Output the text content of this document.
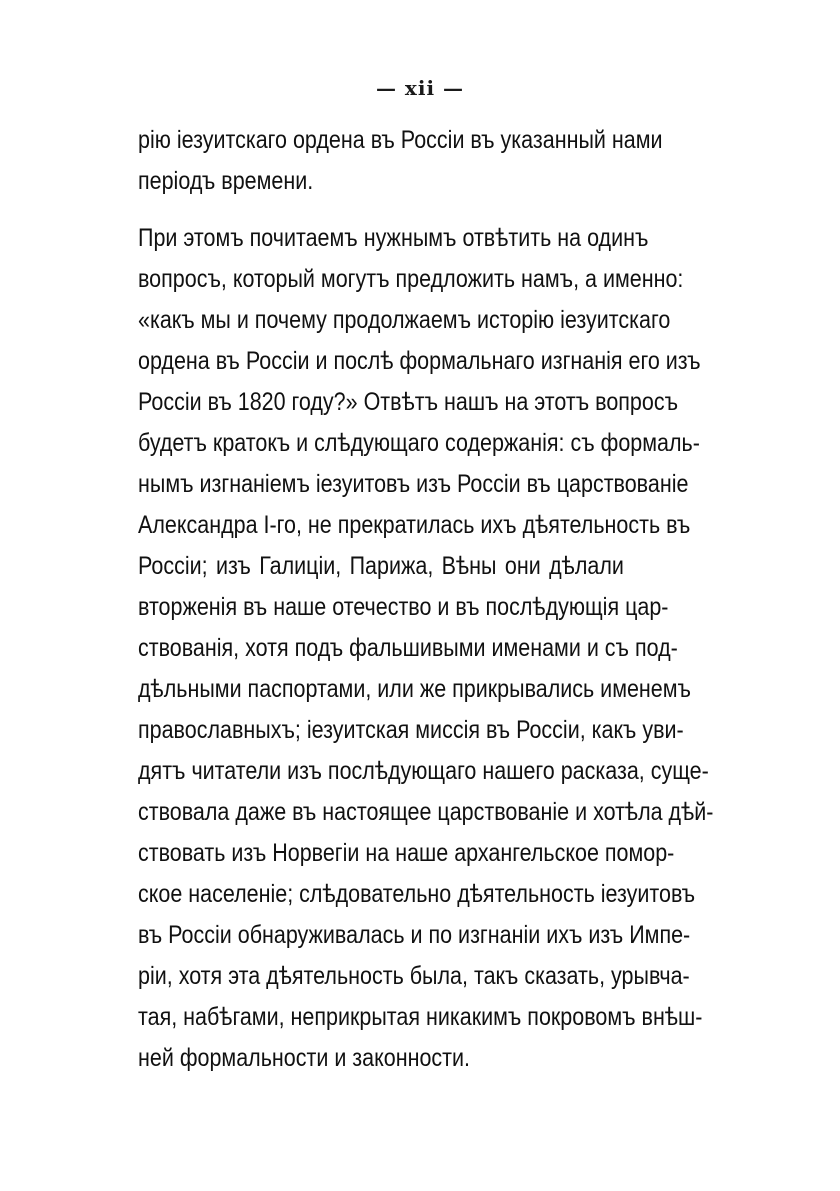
— xii —
рію іезуитскаго ордена въ Россіи въ указанный нами
періодъ времени.
При этомъ почитаемъ нужнымъ отвѣтить на одинъ
вопросъ, который могутъ предложить намъ, а именно:
«какъ мы и почему продолжаемъ исторію іезуитскаго
ордена въ Россіи и послѣ формальнаго изгнанія его изъ
Россіи въ 1820 году?» Отвѣтъ нашъ на этотъ вопросъ
будетъ кратокъ и слѣдующаго содержанія: съ формаль-
нымъ изгнаніемъ іезуитовъ изъ Россіи въ царствованіе
Александра І-го, не прекратилась ихъ дѣятельность въ
Россіи; изъ Галиціи, Парижа, Вѣны они дѣлали
вторженія въ наше отечество и въ послѣдующія цар-
ствованія, хотя подъ фальшивыми именами и съ под-
дѣльными паспортами, или же прикрывались именемъ
православныхъ; іезуитская миссія въ Россіи, какъ уви-
дятъ читатели изъ послѣдующаго нашего расказа, суще-
ствовала даже въ настоящее царствованіе и хотѣла дѣй-
ствовать изъ Норвегіи на наше архангельское помор-
ское населеніе; слѣдовательно дѣятельность іезуитовъ
въ Россіи обнаруживалась и по изгнаніи ихъ изъ Импе-
ріи, хотя эта дѣятельность была, такъ сказать, урывча-
тая, набѣгами, неприкрытая никакимъ покровомъ внѣш-
ней формальности и законности.
